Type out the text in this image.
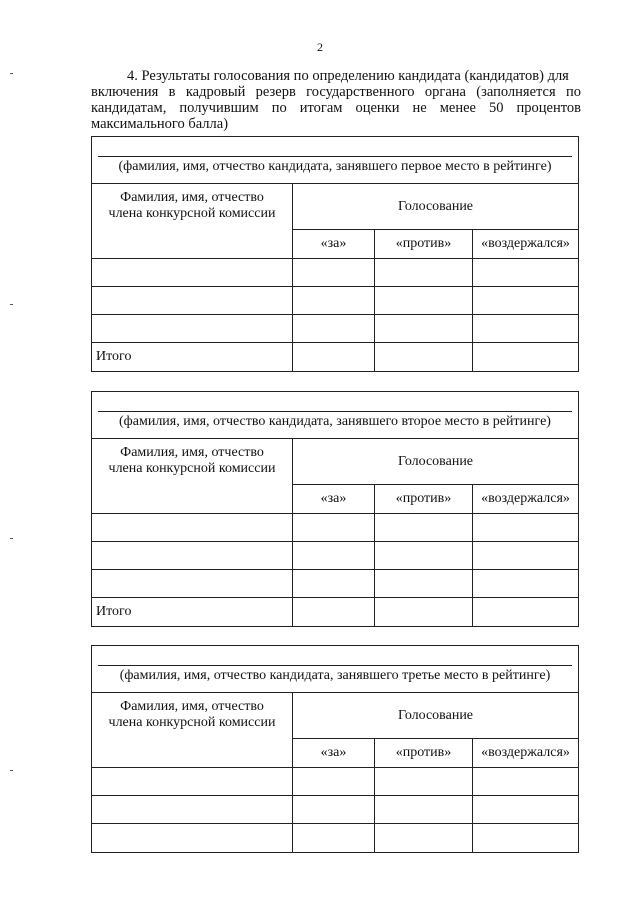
2
4. Результаты голосования по определению кандидата (кандидатов) для
включения в кадровый резерв государственного органа (заполняется по кандидатам, получившим по итогам оценки не менее 50 процентов максимального балла)
(фамилия, имя, отчество кандидата, занявшего первое место в рейтинге)
Фамилия, имя, отчество
члена конкурсной комиссии	Голосование
«за»	«против»	«воздержался»
Итого
(фамилия, имя, отчество кандидата, занявшего второе место в рейтинге)
Фамилия, имя, отчество
члена конкурсной комиссии	Голосование
«за»	«против»	«воздержался»
Итого
(фамилия, имя, отчество кандидата, занявшего третье место в рейтинге)
Фамилия, имя, отчество
члена конкурсной комиссии	Голосование
«за»	«против»	«воздержался»
